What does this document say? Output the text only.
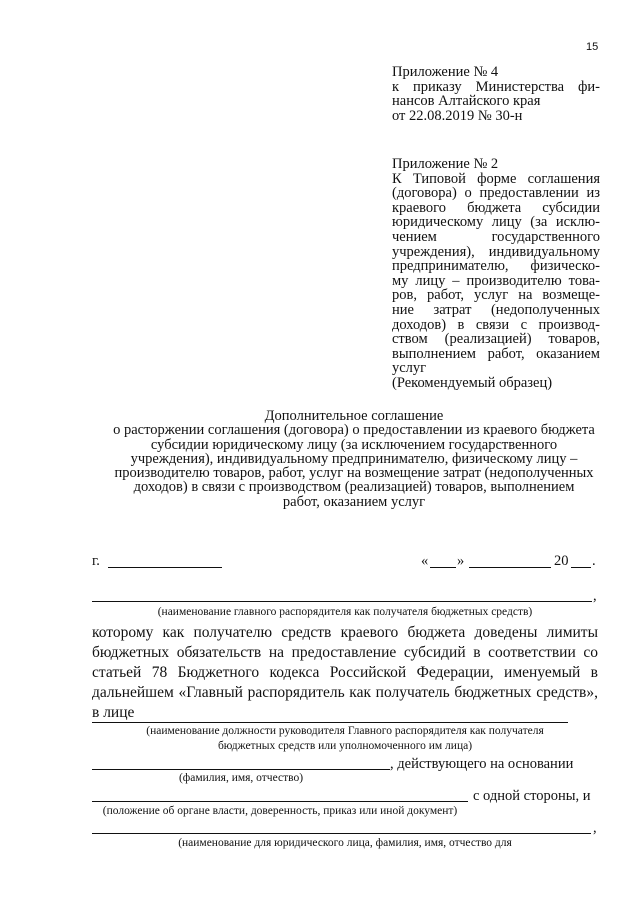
15
Приложение № 4
к приказу Министерства фи-
нансов Алтайского края
от 22.08.2019 № 30-н
Приложение № 2
К Типовой форме соглашения
(договора) о предоставлении из
краевого бюджета субсидии
юридическому лицу (за исклю-
чением государственного
учреждения), индивидуальному
предпринимателю, физическо-
му лицу – производителю това-
ров, работ, услуг на возмеще-
ние затрат (недополученных
доходов) в связи с производ-
ством (реализацией) товаров,
выполнением работ, оказанием
услуг
(Рекомендуемый образец)
Дополнительное соглашение
о расторжении соглашения (договора) о предоставлении из краевого бюджета
субсидии юридическому лицу (за исключением государственного
учреждения), индивидуальному предпринимателю, физическому лицу –
производителю товаров, работ, услуг на возмещение затрат (недополученных
доходов) в связи с производством (реализацией) товаров, выполнением
работ, оказанием услуг
г.	« »	20 .
,
(наименование главного распорядителя как получателя бюджетных средств)
которому как получателю средств краевого бюджета доведены лимиты
бюджетных обязательств на предоставление субсидий в соответствии со
статьей 78 Бюджетного кодекса Российской Федерации, именуемый в
дальнейшем «Главный распорядитель как получатель бюджетных средств»,
в лице
(наименование должности руководителя Главного распорядителя как получателя
бюджетных средств или уполномоченного им лица)
, действующего на основании
(фамилия, имя, отчество)
с одной стороны, и
(положение об органе власти, доверенность, приказ или иной документ)
,
(наименование для юридического лица, фамилия, имя, отчество для
